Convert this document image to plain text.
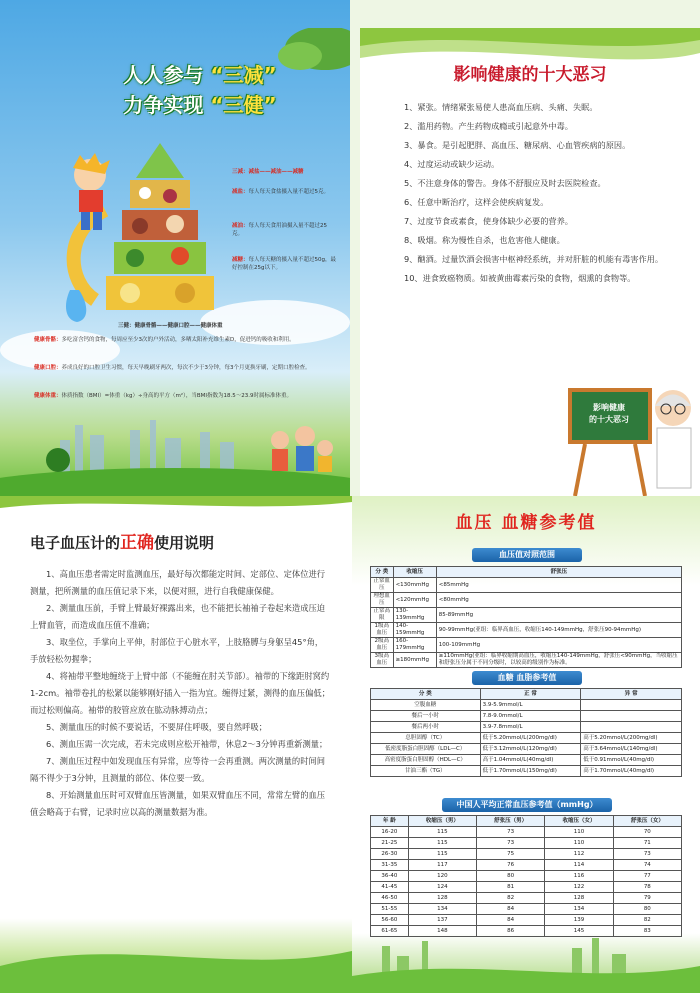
人人参与 “三减”
力争实现 “三健”
三减：减盐——减油——减糖
减盐：每人每天食盐摄入量不超过5克。
减油：每人每天食用油摄入量不超过25克。
减糖：每人每天糖的摄入量不超过50g，最好控制在25g以下。
三健：健康骨骼——健康口腔——健康体重
健康骨骼：多吃富含钙的食物，每周应至少3次的户外活动，多晒太阳补充维生素D，促进钙的吸收和利用。
健康口腔：养成良好的口腔卫生习惯，每天早晚刷牙两次，每次不少于3分钟，每3个月更换牙刷，定期口腔检查。
健康体重：体质指数（BMI）=体重（kg）÷身高的平方（m²），当BMI指数为18.5～23.9时属标准体重。
影响健康的十大恶习

1、紧张。情绪紧张易使人患高血压病、头痛、失眠。

2、滥用药物。产生药物成瘾或引起意外中毒。

3、暴食。是引起肥胖、高血压、糖尿病、心血管疾病的原因。

4、过度运动或缺少运动。

5、不注意身体的警告。身体不舒服应及时去医院检查。

6、任意中断治疗，这样会使疾病复发。

7、过度节食或素食，使身体缺少必要的营养。

8、吸烟。称为慢性自杀，也危害他人健康。

9、酗酒。过量饮酒会损害中枢神经系统，并对肝脏的机能有毒害作用。

10、进食致癌物质。如被黄曲霉素污染的食物，烟熏的食物等。

影响健康
的十大恶习
电子血压计的正确使用说明

1、高血压患者需定时监测血压，最好每次都能定时间、定部位、定体位进行测量，把所测量的血压值记录下来，以便对照，进行自我健康保健。

2、测量血压前，手臂上臂最好裸露出来，也不能把长袖袖子卷起来造成压迫上臂血管，而造成血压值不准确；

3、取坐位，手掌向上平伸，肘部位于心脏水平，上肢胳膊与身躯呈45°角，手放轻松勿握拳；

4、将袖带平整地缠绕于上臂中部（不能缠在肘关节部）。袖带的下缘距肘窝约1-2cm。袖带卷扎的松紧以能够刚好插入一指为宜。缠得过紧，测得的血压偏低；而过松则偏高。袖带的胶管应放在肱动脉搏动点；

5、测量血压的时候不要说话，不要屏住呼吸，要自然呼吸；

6、测血压需一次完成，若未完成则应松开袖带，休息2～3分钟再重新测量；

7、测血压过程中如发现血压有异常，应等待一会再重测。两次测量的时间间隔不得少于3分钟，且测量的部位、体位要一致。

8、开始测量血压时可双臂血压皆测量，如果双臂血压不同，常常左臂的血压值会略高于右臂，记录时应以高的测量数据为准。

血压 血糖参考值
血压值对照范围
分 类	收缩压	舒张压
正常血压	<130mmHg	<85mmHg
理想血压	<120mmHg	<80mmHg
正常高限	130-139mmHg	85-89mmHg
1级高血压	140-159mmHg	90-99mmHg(亚组：临界高血压，收缩压140-149mmHg，舒张压90-94mmHg)
2级高血压	160-179mmHg	100-109mmHg
3级高血压	≥180mmHg	≥110mmHg(亚组：临界收缩期高血压，收缩压140-149mmHg，舒张压<90mmHg，当收缩压和舒张压分属于不同分级时，以较高的级别作为标准。
血糖 血脂参考值
分 类	正 常	异 常
空腹血糖	3.9-5.9mmol/L	
餐后一小时	7.8-9.0mmol/L	
餐后两小时	3.9-7.8mmol/L	
总胆固醇（TC）	低于5.20mmol/L(200mg/dl)	高于5.20mmol/L(200mg/dl)
低密度脂蛋白胆固醇（LDL—C）	低于3.12mmol/L(120mg/dl)	高于3.64mmol/L(140mg/dl)
高密度脂蛋白胆固醇（HDL—C）	高于1.04mmol/L(40mg/dl)	低于0.91mmol/L(40mg/dl)
甘油三酯（TG）	低于1.70mmol/L(150mg/dl)	高于1.70mmol/L(40mg/dl)
中国人平均正常血压参考值（mmHg）
年 龄	收缩压（男）	舒张压（男）	收缩压（女）	舒张压（女）
16-20	115	73	110	70
21-25	115	73	110	71
26-30	115	75	112	73
31-35	117	76	114	74
36-40	120	80	116	77
41-45	124	81	122	78
46-50	128	82	128	79
51-55	134	84	134	80
56-60	137	84	139	82
61-65	148	86	145	83
